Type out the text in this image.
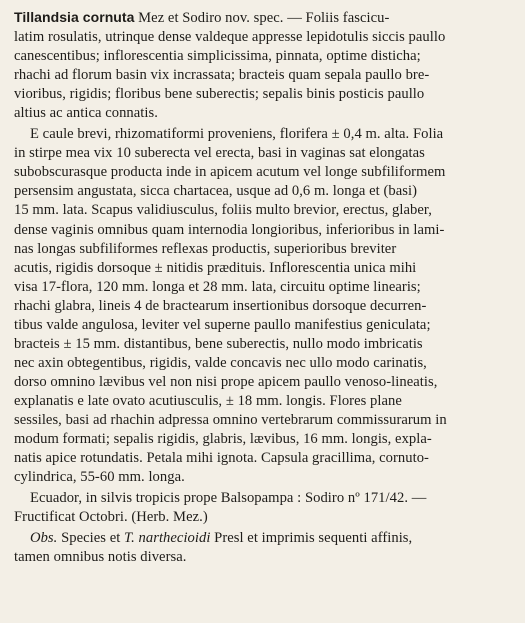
Tillandsia cornuta Mez et Sodiro nov. spec. — Foliis fascicu-
latim rosulatis, utrinque dense valdeque appresse lepidotulis siccis paullo
canescentibus; inflorescentia simplicissima, pinnata, optime disticha;
rhachi ad florum basin vix incrassata; bracteis quam sepala paullo bre-
vioribus, rigidis; floribus bene suberectis; sepalis binis posticis paullo
altius ac antica connatis.
E caule brevi, rhizomatiformi proveniens, florifera ± 0,4 m. alta. Folia
in stirpe mea vix 10 suberecta vel erecta, basi in vaginas sat elongatas
subobscurasque producta inde in apicem acutum vel longe subfiliformem
persensim angustata, sicca chartacea, usque ad 0,6 m. longa et (basi)
15 mm. lata. Scapus validiusculus, foliis multo brevior, erectus, glaber,
dense vaginis omnibus quam internodia longioribus, inferioribus in lami-
nas longas subfiliformes reflexas productis, superioribus breviter
acutis, rigidis dorsoque ± nitidis prædituis. Inflorescentia unica mihi
visa 17-flora, 120 mm. longa et 28 mm. lata, circuitu optime linearis;
rhachi glabra, lineis 4 de bractearum insertionibus dorsoque decurren-
tibus valde angulosa, leviter vel superne paullo manifestius geniculata;
bracteis ± 15 mm. distantibus, bene suberectis, nullo modo imbricatis
nec axin obtegentibus, rigidis, valde concavis nec ullo modo carinatis,
dorso omnino lævibus vel non nisi prope apicem paullo venoso-lineatis,
explanatis e late ovato acutiusculis, ± 18 mm. longis. Flores plane
sessiles, basi ad rhachin adpressa omnino vertebrarum commissurarum in
modum formati; sepalis rigidis, glabris, lævibus, 16 mm. longis, expla-
natis apice rotundatis. Petala mihi ignota. Capsula gracillima, cornuto-
cylindrica, 55-60 mm. longa.
Ecuador, in silvis tropicis prope Balsopampa : Sodiro nº 171/42. —
Fructificat Octobri. (Herb. Mez.)
Obs. Species et T. narthecioidi Presl et imprimis sequenti affinis,
tamen omnibus notis diversa.
